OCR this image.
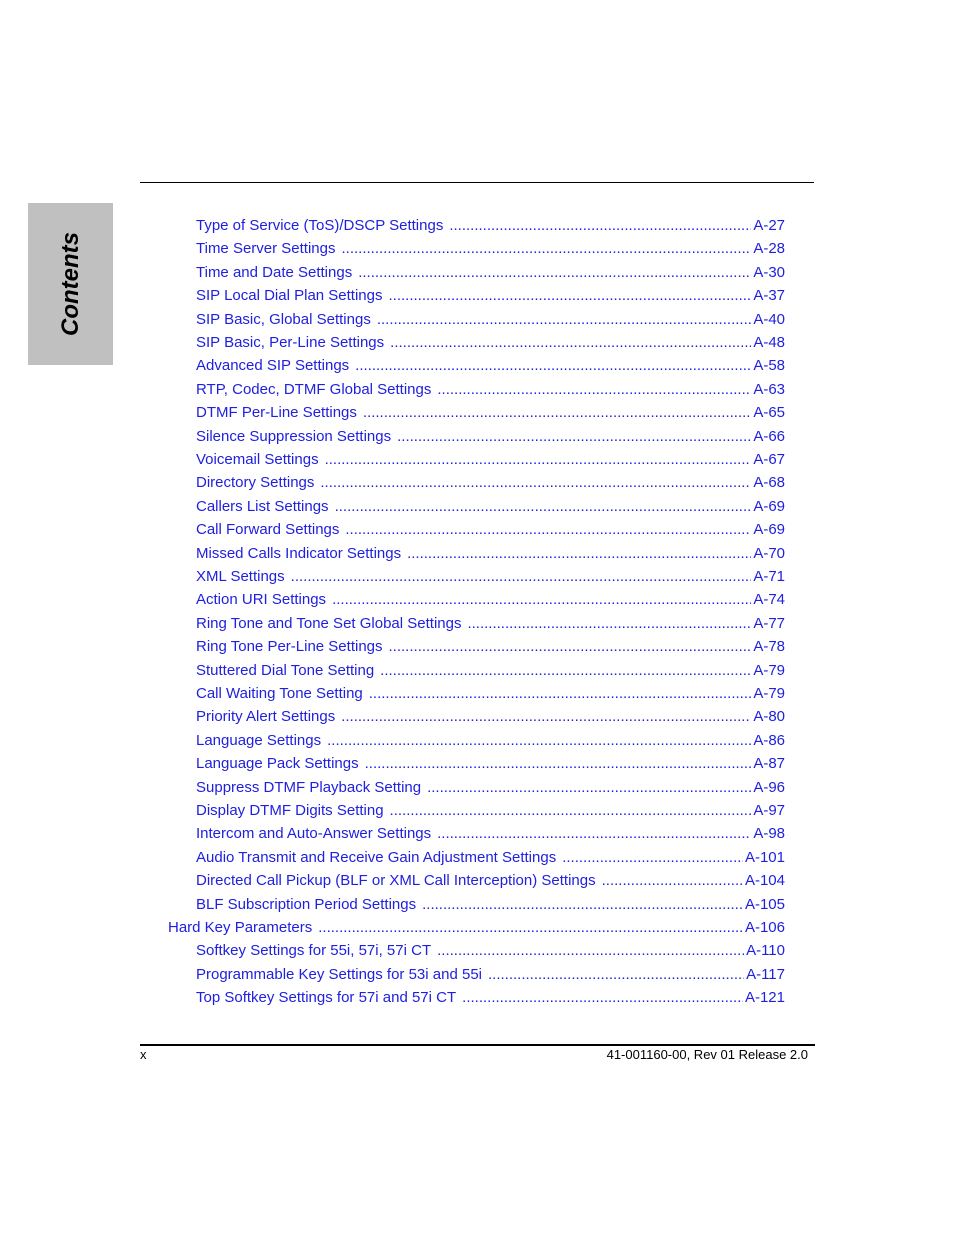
Contents
Type of Service (ToS)/DSCP Settings .....	A-27
Time Server Settings .....	A-28
Time and Date Settings .....	A-30
SIP Local Dial Plan Settings .....	A-37
SIP Basic, Global Settings .....	A-40
SIP Basic, Per-Line Settings .....	A-48
Advanced SIP Settings .....	A-58
RTP, Codec, DTMF Global Settings .....	A-63
DTMF Per-Line Settings .....	A-65
Silence Suppression Settings .....	A-66
Voicemail Settings .....	A-67
Directory Settings .....	A-68
Callers List Settings .....	A-69
Call Forward Settings .....	A-69
Missed Calls Indicator Settings .....	A-70
XML Settings .....	A-71
Action URI Settings .....	A-74
Ring Tone and Tone Set Global Settings .....	A-77
Ring Tone Per-Line Settings .....	A-78
Stuttered Dial Tone Setting .....	A-79
Call Waiting Tone Setting .....	A-79
Priority Alert Settings .....	A-80
Language Settings .....	A-86
Language Pack Settings .....	A-87
Suppress DTMF Playback Setting .....	A-96
Display DTMF Digits Setting .....	A-97
Intercom and Auto-Answer Settings .....	A-98
Audio Transmit and Receive Gain Adjustment Settings .....	A-101
Directed Call Pickup (BLF or XML Call Interception) Settings .....	A-104
BLF Subscription Period Settings .....	A-105
Hard Key Parameters .....	A-106
Softkey Settings for 55i, 57i, 57i CT .....	A-110
Programmable Key Settings for 53i and 55i .....	A-117
Top Softkey Settings for 57i and 57i CT .....	A-121
x	41-001160-00, Rev 01 Release 2.0
